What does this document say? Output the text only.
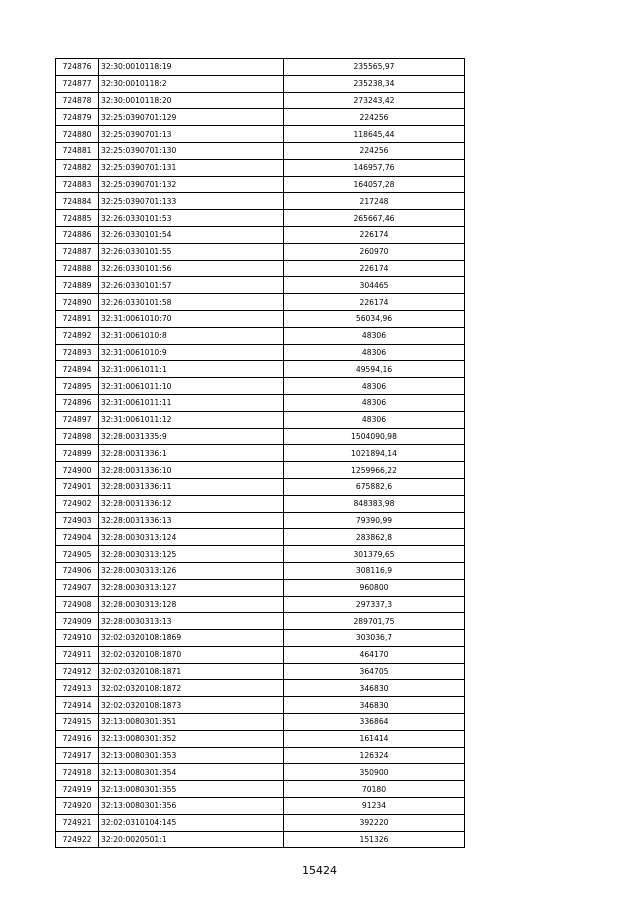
724876	32:30:0010118:19	235565,97
724877	32:30:0010118:2	235238,34
724878	32:30:0010118:20	273243,42
724879	32:25:0390701:129	224256
724880	32:25:0390701:13	118645,44
724881	32:25:0390701:130	224256
724882	32:25:0390701:131	146957,76
724883	32:25:0390701:132	164057,28
724884	32:25:0390701:133	217248
724885	32:26:0330101:53	265667,46
724886	32:26:0330101:54	226174
724887	32:26:0330101:55	260970
724888	32:26:0330101:56	226174
724889	32:26:0330101:57	304465
724890	32:26:0330101:58	226174
724891	32:31:0061010:70	56034,96
724892	32:31:0061010:8	48306
724893	32:31:0061010:9	48306
724894	32:31:0061011:1	49594,16
724895	32:31:0061011:10	48306
724896	32:31:0061011:11	48306
724897	32:31:0061011:12	48306
724898	32:28:0031335:9	1504090,98
724899	32:28:0031336:1	1021894,14
724900	32:28:0031336:10	1259966,22
724901	32:28:0031336:11	675882,6
724902	32:28:0031336:12	848383,98
724903	32:28:0031336:13	79390,99
724904	32:28:0030313:124	283862,8
724905	32:28:0030313:125	301379,65
724906	32:28:0030313:126	308116,9
724907	32:28:0030313:127	960800
724908	32:28:0030313:128	297337,3
724909	32:28:0030313:13	289701,75
724910	32:02:0320108:1869	303036,7
724911	32:02:0320108:1870	464170
724912	32:02:0320108:1871	364705
724913	32:02:0320108:1872	346830
724914	32:02:0320108:1873	346830
724915	32:13:0080301:351	336864
724916	32:13:0080301:352	161414
724917	32:13:0080301:353	126324
724918	32:13:0080301:354	350900
724919	32:13:0080301:355	70180
724920	32:13:0080301:356	91234
724921	32:02:0310104:145	392220
724922	32:20:0020501:1	151326
15424
